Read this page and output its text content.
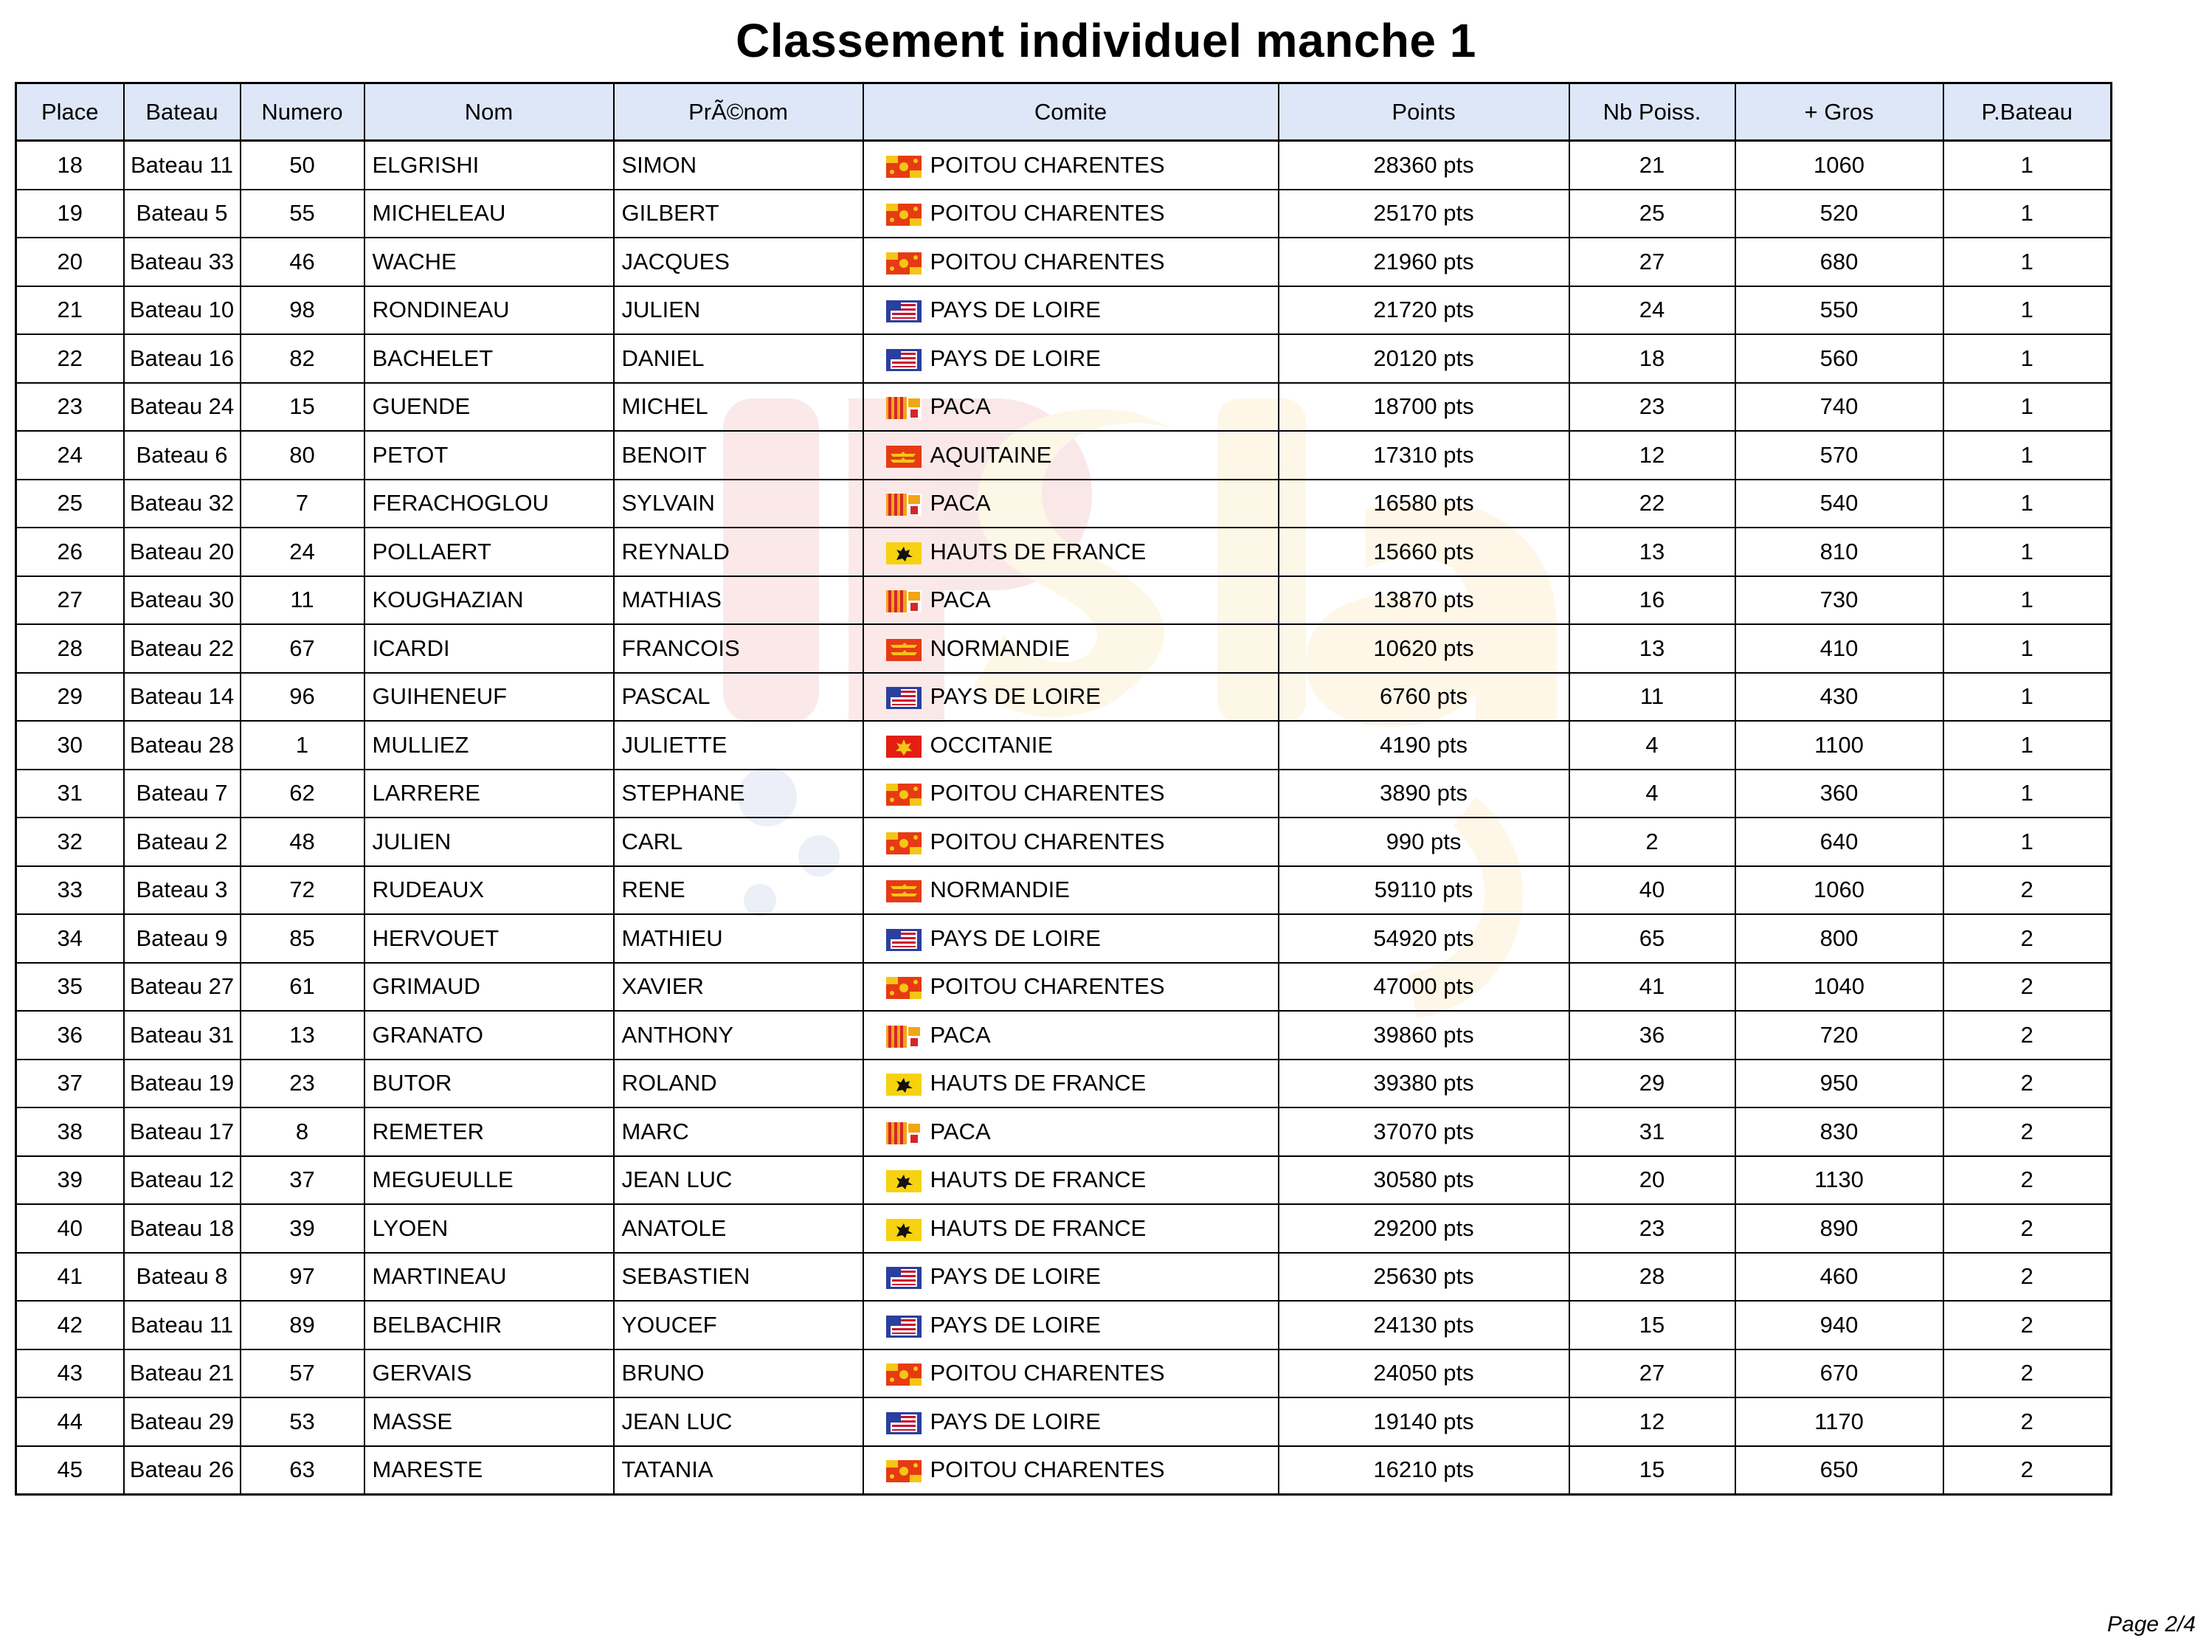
Classement individuel manche 1
Place	Bateau	Numero	Nom	PrÃ©nom	Comite	Points	Nb Poiss.	+ Gros	P.Bateau
18	Bateau 11	50	ELGRISHI	SIMON	POITOU CHARENTES	28360 pts	21	1060	1
19	Bateau 5	55	MICHELEAU	GILBERT	POITOU CHARENTES	25170 pts	25	520	1
20	Bateau 33	46	WACHE	JACQUES	POITOU CHARENTES	21960 pts	27	680	1
21	Bateau 10	98	RONDINEAU	JULIEN	PAYS DE LOIRE	21720 pts	24	550	1
22	Bateau 16	82	BACHELET	DANIEL	PAYS DE LOIRE	20120 pts	18	560	1
23	Bateau 24	15	GUENDE	MICHEL	PACA	18700 pts	23	740	1
24	Bateau 6	80	PETOT	BENOIT	AQUITAINE	17310 pts	12	570	1
25	Bateau 32	7	FERACHOGLOU	SYLVAIN	PACA	16580 pts	22	540	1
26	Bateau 20	24	POLLAERT	REYNALD	HAUTS DE FRANCE	15660 pts	13	810	1
27	Bateau 30	11	KOUGHAZIAN	MATHIAS	PACA	13870 pts	16	730	1
28	Bateau 22	67	ICARDI	FRANCOIS	NORMANDIE	10620 pts	13	410	1
29	Bateau 14	96	GUIHENEUF	PASCAL	PAYS DE LOIRE	6760 pts	11	430	1
30	Bateau 28	1	MULLIEZ	JULIETTE	OCCITANIE	4190 pts	4	1100	1
31	Bateau 7	62	LARRERE	STEPHANE	POITOU CHARENTES	3890 pts	4	360	1
32	Bateau 2	48	JULIEN	CARL	POITOU CHARENTES	990 pts	2	640	1
33	Bateau 3	72	RUDEAUX	RENE	NORMANDIE	59110 pts	40	1060	2
34	Bateau 9	85	HERVOUET	MATHIEU	PAYS DE LOIRE	54920 pts	65	800	2
35	Bateau 27	61	GRIMAUD	XAVIER	POITOU CHARENTES	47000 pts	41	1040	2
36	Bateau 31	13	GRANATO	ANTHONY	PACA	39860 pts	36	720	2
37	Bateau 19	23	BUTOR	ROLAND	HAUTS DE FRANCE	39380 pts	29	950	2
38	Bateau 17	8	REMETER	MARC	PACA	37070 pts	31	830	2
39	Bateau 12	37	MEGUEULLE	JEAN LUC	HAUTS DE FRANCE	30580 pts	20	1130	2
40	Bateau 18	39	LYOEN	ANATOLE	HAUTS DE FRANCE	29200 pts	23	890	2
41	Bateau 8	97	MARTINEAU	SEBASTIEN	PAYS DE LOIRE	25630 pts	28	460	2
42	Bateau 11	89	BELBACHIR	YOUCEF	PAYS DE LOIRE	24130 pts	15	940	2
43	Bateau 21	57	GERVAIS	BRUNO	POITOU CHARENTES	24050 pts	27	670	2
44	Bateau 29	53	MASSE	JEAN LUC	PAYS DE LOIRE	19140 pts	12	1170	2
45	Bateau 26	63	MARESTE	TATANIA	POITOU CHARENTES	16210 pts	15	650	2
Page 2/4
